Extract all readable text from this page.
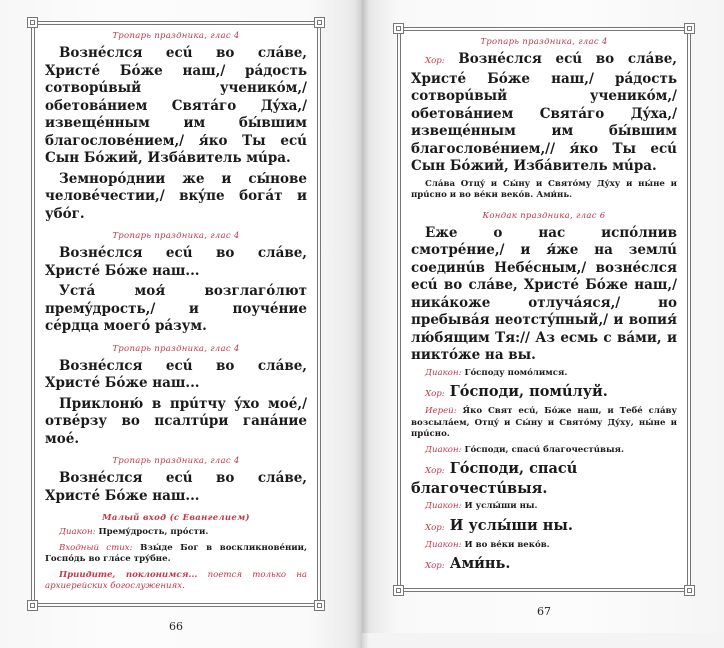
Тропарь праздника, глас 4

Вознéслся есú во слáве, Христé Бóже наш,/ рáдость сотворúвый ученикóм,/ обетовáнием Святáго Дýха,/ извещéнным им бы́вшим благословéнием,/ я́ко Ты есú Сын Бóжий, Избáвитель мúра.

Земнорóднии же и сы́нове человéчестии,/ вкýпе богáт и убóг.

Тропарь праздника, глас 4

Вознéслся есú во слáве, Христé Бóже наш...

Устá моя́ возглагóлют премýдрость,/ и поучéние сéрдца моегó рáзум.

Тропарь праздника, глас 4

Вознéслся есú во слáве, Христé Бóже наш...

Приклоню́ в прúтчу ýхо моé,/ отвéрзу во псалтúри ганáние моé.

Тропарь праздника, глас 4

Вознéслся есú во слáве, Христé Бóже наш...

Малый вход (с Евангелием)

Диакон: Премýдрость, прóсти.

Входный стих: Взы́де Бог в воскликновéнии, Госпóдь во глáсе трýбне.

Приидите, поклонимся... поется только на архиерейских богослужениях.

66

Тропарь праздника, глас 4

Хор: Вознéслся есú во слáве, Христé Бóже наш,/ рáдость сотворúвый ученикóм,/ обетовáнием Святáго Дýха,/ извещéнным им бы́вшим благословéнием,// я́ко Ты есú Сын Бóжий, Избáвитель мúра.

Слáва Отцý и Сы́ну и Святóму Дýху и ны́не и прúсно и во вéки векóв. Ами́нь.

Кондак праздника, глас 6

Еже о нас испóлнив смотрéние,/ и я́же на землú соединúв Небéсным,/ вознéслся есú во слáве, Христé Бóже наш,/ никáкоже отлучáяся,/ но пребывáя неотстýпный,/ и вопия́ лю́бящим Тя:// Аз есмь с вáми, и никтóже на вы.

Диакон: Гóсподу помóлимся.

Хор: Гóсподи, помúлуй.

Иерей: Я́ко Свят есú, Бóже наш, и Тебé слáву возсылáем, Отцý и Сы́ну и Святóму Дýху, ны́не и прúсно.

Диакон: Гóсподи, спасú благочестúвыя.

Хор: Гóсподи, спасú благочестúвыя.

Диакон: И услы́ши ны.

Хор: И услы́ши ны.

Диакон: И во вéки векóв.

Хор: Ами́нь.

67
